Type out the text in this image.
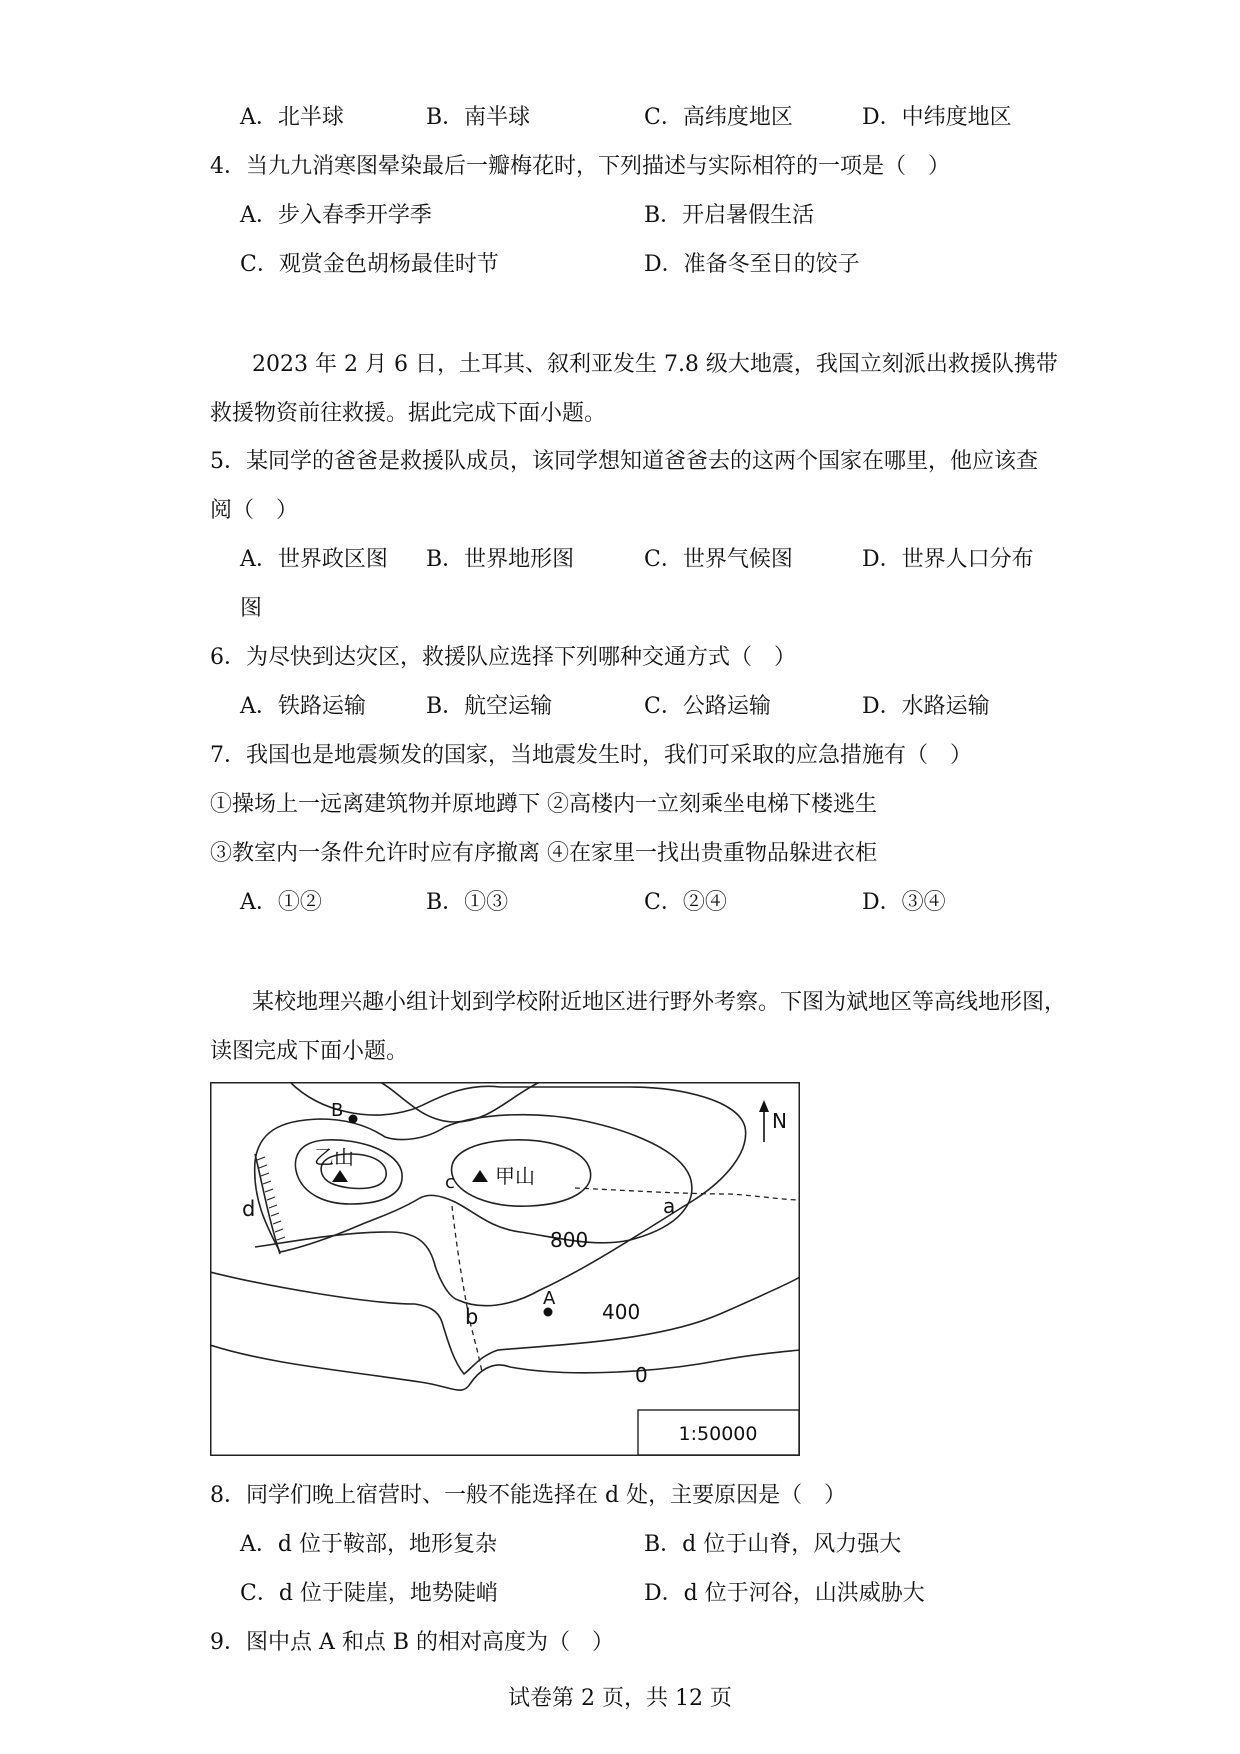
A．北半球	B．南半球	C．高纬度地区	D．中纬度地区
4．当九九消寒图晕染最后一瓣梅花时，下列描述与实际相符的一项是（　）
A．步入春季开学季	B．开启暑假生活
C．观赏金色胡杨最佳时节	D．准备冬至日的饺子
2023 年 2 月 6 日，土耳其、叙利亚发生 7.8 级大地震，我国立刻派出救援队携带
救援物资前往救援。据此完成下面小题。
5．某同学的爸爸是救援队成员，该同学想知道爸爸去的这两个国家在哪里，他应该查
阅（　）
A．世界政区图 B．世界地形图	C．世界气候图	D．世界人口分布
图
6．为尽快到达灾区，救援队应选择下列哪种交通方式（　）
A．铁路运输	B．航空运输	C．公路运输	D．水路运输
7．我国也是地震频发的国家，当地震发生时，我们可采取的应急措施有（　）
①操场上一远离建筑物并原地蹲下 ②高楼内一立刻乘坐电梯下楼逃生
③教室内一条件允许时应有序撤离 ④在家里一找出贵重物品躲进衣柜
A．①②	B．①③	C．②④	D．③④
某校地理兴趣小组计划到学校附近地区进行野外考察。下图为斌地区等高线地形图，
读图完成下面小题。
B
乙山
c 甲山
a
d
800
A
400
b
0
N
1:50000
8．同学们晚上宿营时、一般不能选择在 d 处，主要原因是（　）
A．d 位于鞍部，地形复杂	B．d 位于山脊，风力强大
C．d 位于陡崖，地势陡峭	D．d 位于河谷，山洪威胁大
9．图中点 A 和点 B 的相对高度为（　）
试卷第 2 页，共 12 页
